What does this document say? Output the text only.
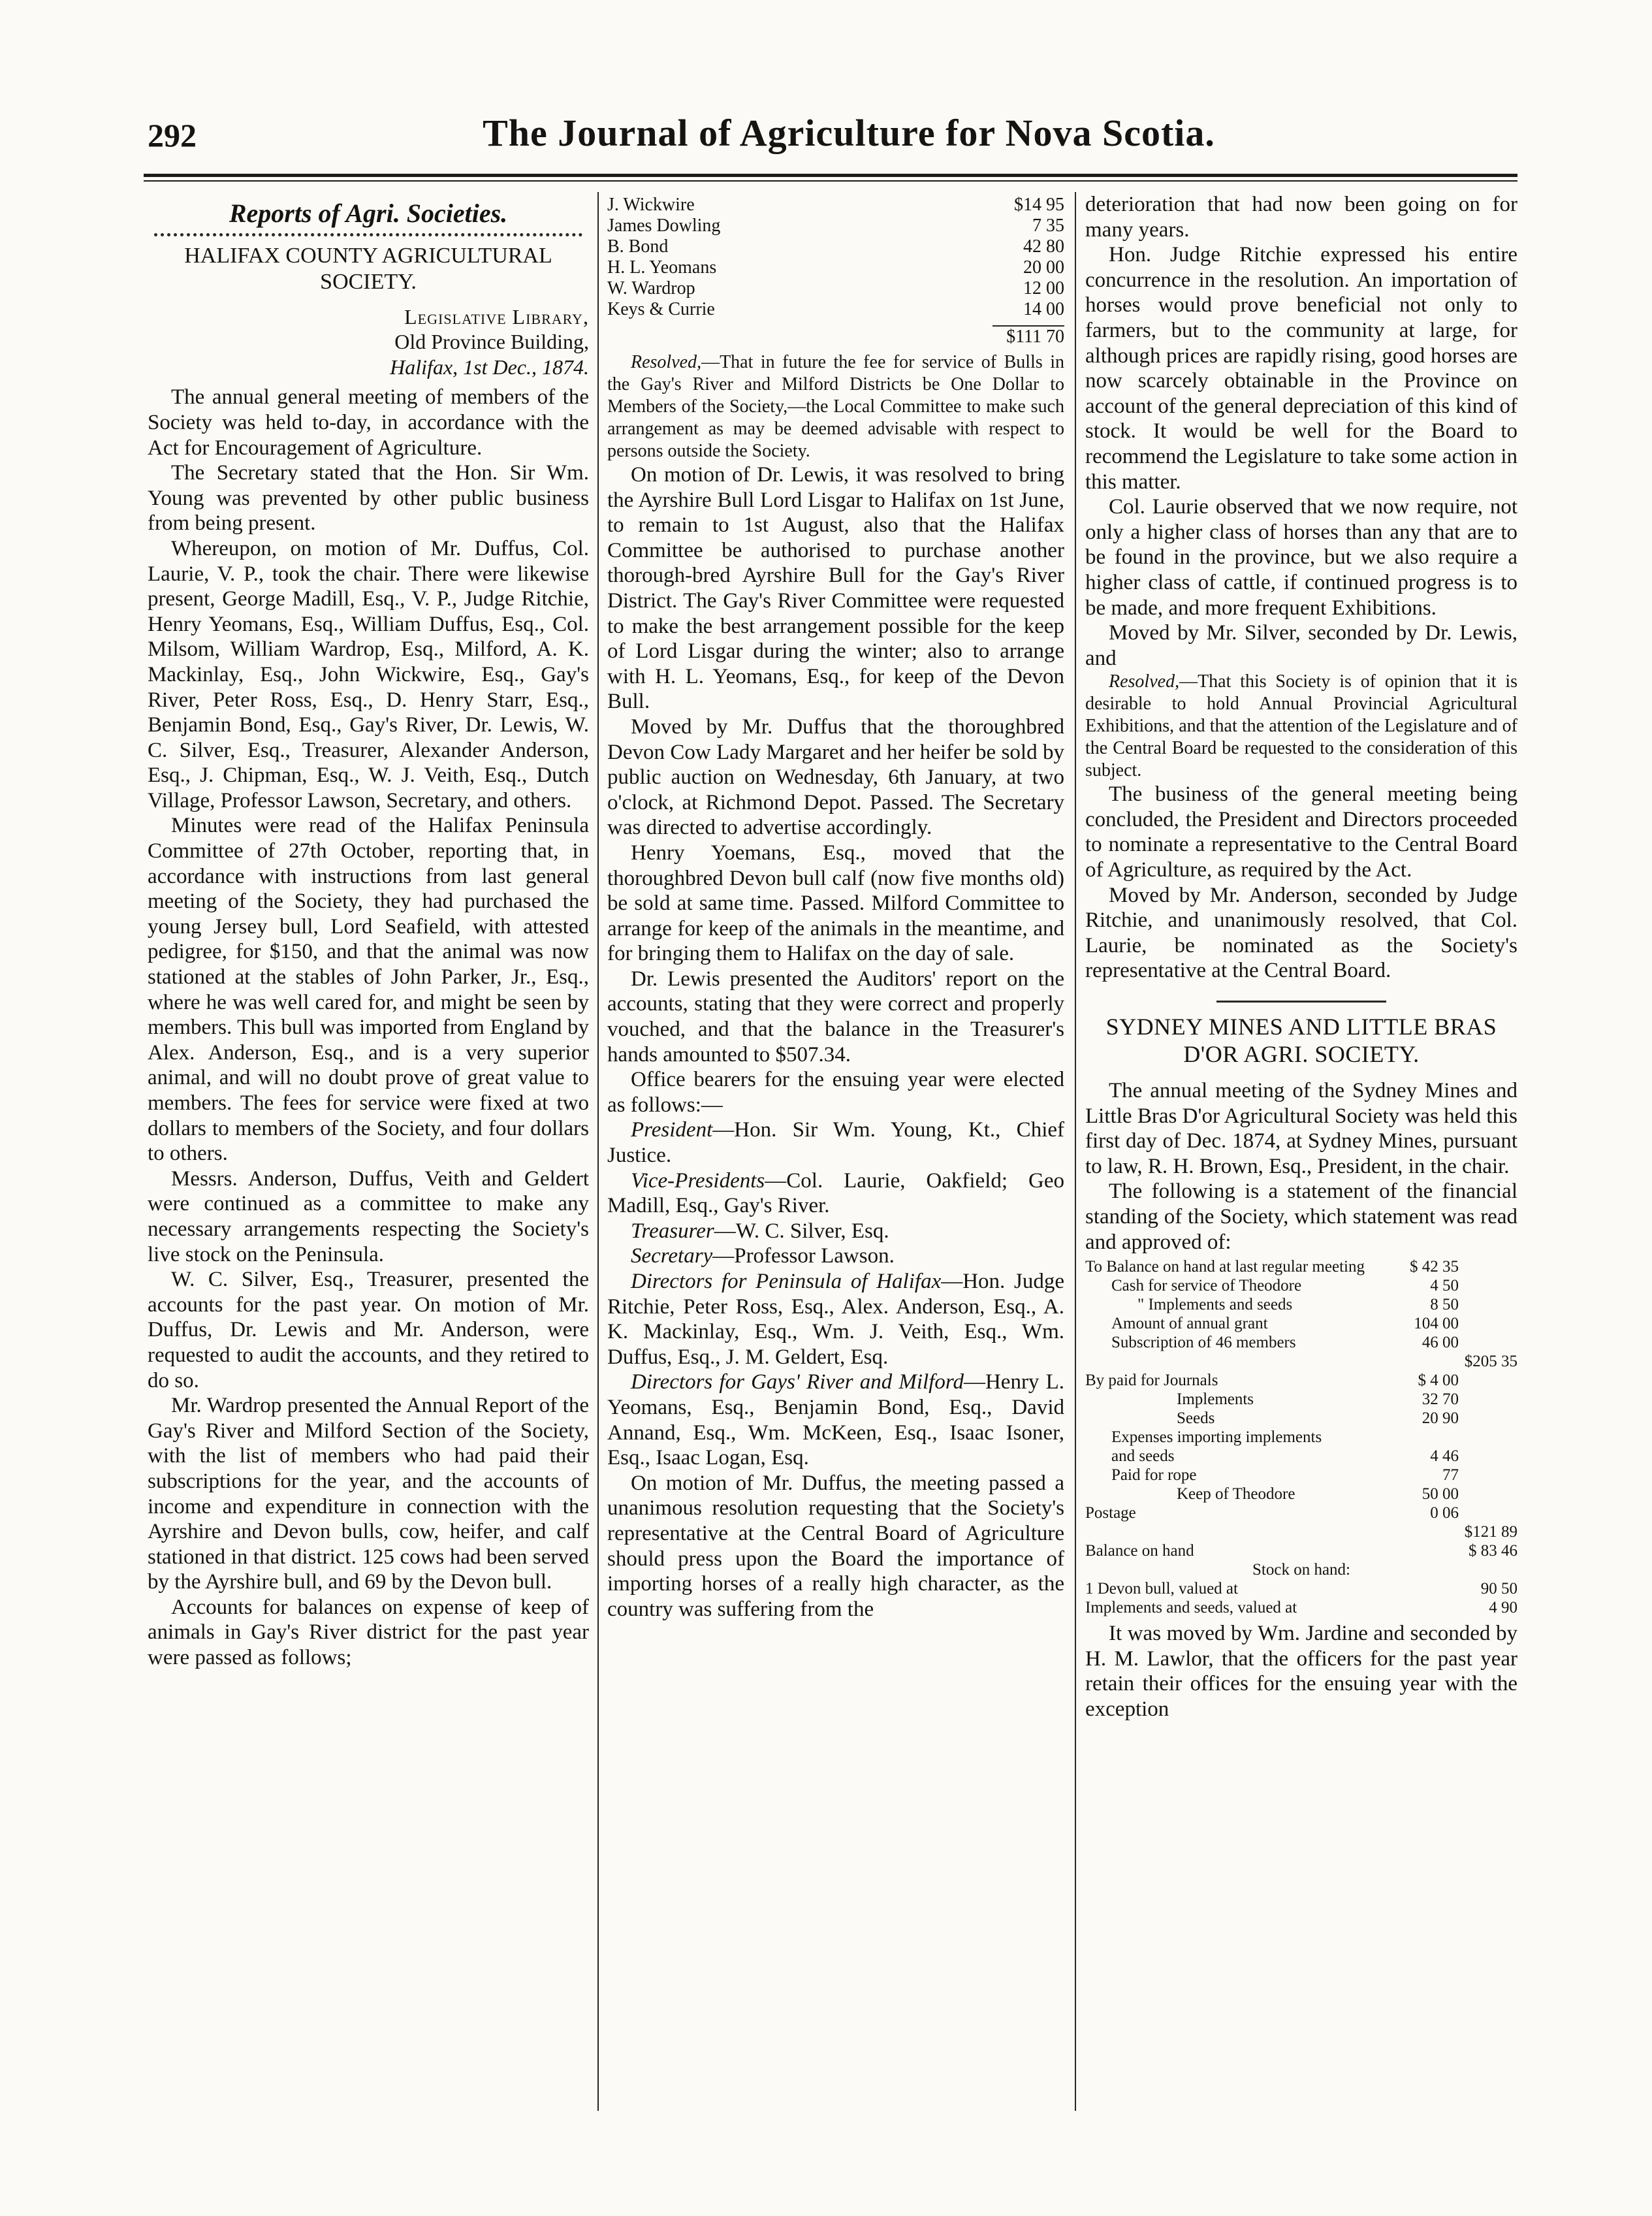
292	The Journal of Agriculture for Nova Scotia.
Reports of Agri. Societies.
HALIFAX COUNTY AGRICULTURAL SOCIETY.
Legislative Library,
Old Province Building,
Halifax, 1st Dec., 1874.

The annual general meeting of members of the Society was held to-day, in accordance with the Act for Encouragement of Agriculture.

The Secretary stated that the Hon. Sir Wm. Young was prevented by other public business from being present.

Whereupon, on motion of Mr. Duffus, Col. Laurie, V. P., took the chair. There were likewise present, George Madill, Esq., V. P., Judge Ritchie, Henry Yeomans, Esq., William Duffus, Esq., Col. Milsom, William Wardrop, Esq., Milford, A. K. Mackinlay, Esq., John Wickwire, Esq., Gay's River, Peter Ross, Esq., D. Henry Starr, Esq., Benjamin Bond, Esq., Gay's River, Dr. Lewis, W. C. Silver, Esq., Treasurer, Alexander Anderson, Esq., J. Chipman, Esq., W. J. Veith, Esq., Dutch Village, Professor Lawson, Secretary, and others.

Minutes were read of the Halifax Peninsula Committee of 27th October, reporting that, in accordance with instructions from last general meeting of the Society, they had purchased the young Jersey bull, Lord Seafield, with attested pedigree, for $150, and that the animal was now stationed at the stables of John Parker, Jr., Esq., where he was well cared for, and might be seen by members. This bull was imported from England by Alex. Anderson, Esq., and is a very superior animal, and will no doubt prove of great value to members. The fees for service were fixed at two dollars to members of the Society, and four dollars to others.

Messrs. Anderson, Duffus, Veith and Geldert were continued as a committee to make any necessary arrangements respecting the Society's live stock on the Peninsula.

W. C. Silver, Esq., Treasurer, presented the accounts for the past year. On motion of Mr. Duffus, Dr. Lewis and Mr. Anderson, were requested to audit the accounts, and they retired to do so.

Mr. Wardrop presented the Annual Report of the Gay's River and Milford Section of the Society, with the list of members who had paid their subscriptions for the year, and the accounts of income and expenditure in connection with the Ayrshire and Devon bulls, cow, heifer, and calf stationed in that district. 125 cows had been served by the Ayrshire bull, and 69 by the Devon bull.

Accounts for balances on expense of keep of animals in Gay's River district for the past year were passed as follows;

J. Wickwire	$14 95
James Dowling	7 35
B. Bond	42 80
H. L. Yeomans	20 00
W. Wardrop	12 00
Keys & Currie	14 00

$111 70

Resolved,—That in future the fee for service of Bulls in the Gay's River and Milford Districts be One Dollar to Members of the Society,—the Local Committee to make such arrangement as may be deemed advisable with respect to persons outside the Society.

On motion of Dr. Lewis, it was resolved to bring the Ayrshire Bull Lord Lisgar to Halifax on 1st June, to remain to 1st August, also that the Halifax Committee be authorised to purchase another thorough-bred Ayrshire Bull for the Gay's River District. The Gay's River Committee were requested to make the best arrangement possible for the keep of Lord Lisgar during the winter; also to arrange with H. L. Yeomans, Esq., for keep of the Devon Bull.

Moved by Mr. Duffus that the thoroughbred Devon Cow Lady Margaret and her heifer be sold by public auction on Wednesday, 6th January, at two o'clock, at Richmond Depot. Passed. The Secretary was directed to advertise accordingly.

Henry Yoemans, Esq., moved that the thoroughbred Devon bull calf (now five months old) be sold at same time. Passed. Milford Committee to arrange for keep of the animals in the meantime, and for bringing them to Halifax on the day of sale.

Dr. Lewis presented the Auditors' report on the accounts, stating that they were correct and properly vouched, and that the balance in the Treasurer's hands amounted to $507.34.

Office bearers for the ensuing year were elected as follows:—

President—Hon. Sir Wm. Young, Kt., Chief Justice.

Vice-Presidents—Col. Laurie, Oakfield; Geo Madill, Esq., Gay's River.

Treasurer—W. C. Silver, Esq.

Secretary—Professor Lawson.

Directors for Peninsula of Halifax—Hon. Judge Ritchie, Peter Ross, Esq., Alex. Anderson, Esq., A. K. Mackinlay, Esq., Wm. J. Veith, Esq., Wm. Duffus, Esq., J. M. Geldert, Esq.

Directors for Gays' River and Milford—Henry L. Yeomans, Esq., Benjamin Bond, Esq., David Annand, Esq., Wm. McKeen, Esq., Isaac Isoner, Esq., Isaac Logan, Esq.

On motion of Mr. Duffus, the meeting passed a unanimous resolution requesting that the Society's representative at the Central Board of Agriculture should press upon the Board the importance of importing horses of a really high character, as the country was suffering from the

deterioration that had now been going on for many years.

Hon. Judge Ritchie expressed his entire concurrence in the resolution. An importation of horses would prove beneficial not only to farmers, but to the community at large, for although prices are rapidly rising, good horses are now scarcely obtainable in the Province on account of the general depreciation of this kind of stock. It would be well for the Board to recommend the Legislature to take some action in this matter.

Col. Laurie observed that we now require, not only a higher class of horses than any that are to be found in the province, but we also require a higher class of cattle, if continued progress is to be made, and more frequent Exhibitions.

Moved by Mr. Silver, seconded by Dr. Lewis, and

Resolved,—That this Society is of opinion that it is desirable to hold Annual Provincial Agricultural Exhibitions, and that the attention of the Legislature and of the Central Board be requested to the consideration of this subject.

The business of the general meeting being concluded, the President and Directors proceeded to nominate a representative to the Central Board of Agriculture, as required by the Act.

Moved by Mr. Anderson, seconded by Judge Ritchie, and unanimously resolved, that Col. Laurie, be nominated as the Society's representative at the Central Board.

SYDNEY MINES AND LITTLE BRAS D'OR AGRI. SOCIETY.

The annual meeting of the Sydney Mines and Little Bras D'or Agricultural Society was held this first day of Dec. 1874, at Sydney Mines, pursuant to law, R. H. Brown, Esq., President, in the chair.

The following is a statement of the financial standing of the Society, which statement was read and approved of:

To Balance on hand at last regular meeting	$ 42 35	
Cash for service of Theodore	4 50	
" Implements and seeds	8 50	
Amount of annual grant	104 00	
Subscription of 46 members	46 00	
		$205 35
By paid for Journals	$ 4 00	
Implements	32 70	
Seeds	20 90	
Expenses importing implements		
and seeds	4 46	
Paid for rope	77	
Keep of Theodore	50 00	
Postage	0 06	
		$121 89
Balance on hand		$ 83 46
Stock on hand:		
1 Devon bull, valued at		90 50
Implements and seeds, valued at		4 90

It was moved by Wm. Jardine and seconded by H. M. Lawlor, that the officers for the past year retain their offices for the ensuing year with the exception
